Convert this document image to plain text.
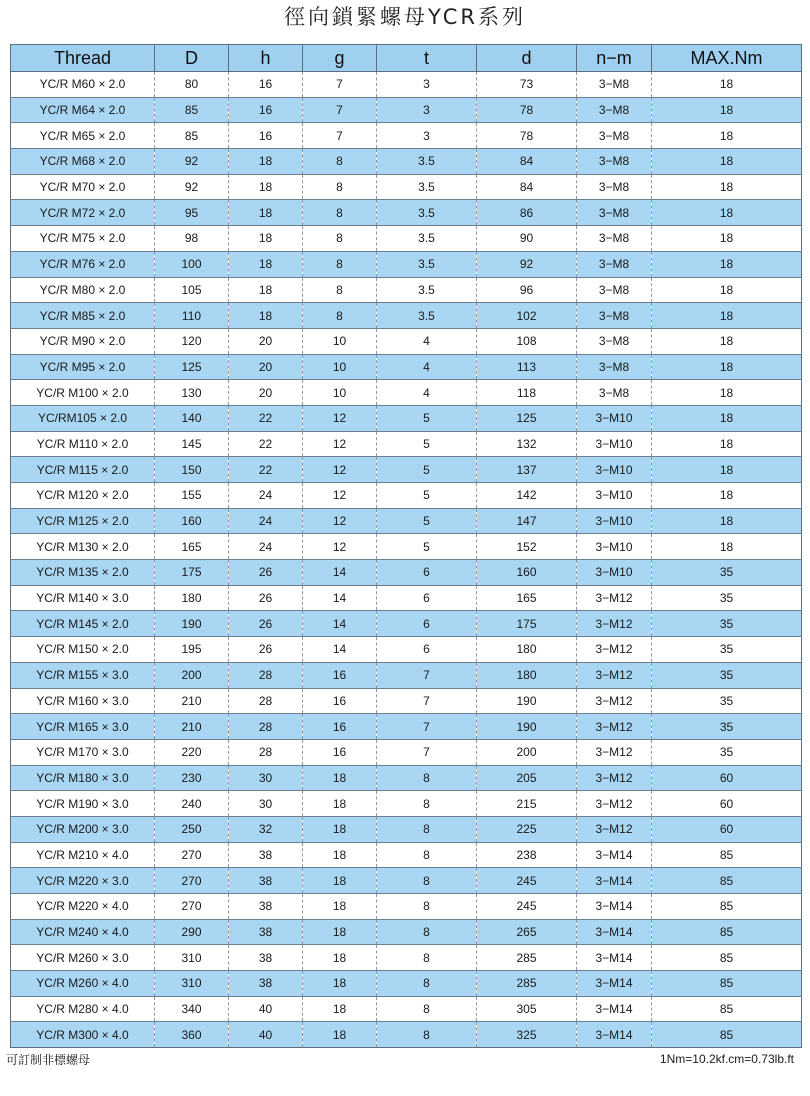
徑向鎖緊螺母YCR系列
Thread	D	h	g	t	d	n−m	MAX.Nm
YC/R M60 × 2.0	80	16	7	3	73	3−M8	18
YC/R M64 × 2.0	85	16	7	3	78	3−M8	18
YC/R M65 × 2.0	85	16	7	3	78	3−M8	18
YC/R M68 × 2.0	92	18	8	3.5	84	3−M8	18
YC/R M70 × 2.0	92	18	8	3.5	84	3−M8	18
YC/R M72 × 2.0	95	18	8	3.5	86	3−M8	18
YC/R M75 × 2.0	98	18	8	3.5	90	3−M8	18
YC/R M76 × 2.0	100	18	8	3.5	92	3−M8	18
YC/R M80 × 2.0	105	18	8	3.5	96	3−M8	18
YC/R M85 × 2.0	110	18	8	3.5	102	3−M8	18
YC/R M90 × 2.0	120	20	10	4	108	3−M8	18
YC/R M95 × 2.0	125	20	10	4	113	3−M8	18
YC/R M100 × 2.0	130	20	10	4	118	3−M8	18
YC/RM105 × 2.0	140	22	12	5	125	3−M10	18
YC/R M110 × 2.0	145	22	12	5	132	3−M10	18
YC/R M115 × 2.0	150	22	12	5	137	3−M10	18
YC/R M120 × 2.0	155	24	12	5	142	3−M10	18
YC/R M125 × 2.0	160	24	12	5	147	3−M10	18
YC/R M130 × 2.0	165	24	12	5	152	3−M10	18
YC/R M135 × 2.0	175	26	14	6	160	3−M10	35
YC/R M140 × 3.0	180	26	14	6	165	3−M12	35
YC/R M145 × 2.0	190	26	14	6	175	3−M12	35
YC/R M150 × 2.0	195	26	14	6	180	3−M12	35
YC/R M155 × 3.0	200	28	16	7	180	3−M12	35
YC/R M160 × 3.0	210	28	16	7	190	3−M12	35
YC/R M165 × 3.0	210	28	16	7	190	3−M12	35
YC/R M170 × 3.0	220	28	16	7	200	3−M12	35
YC/R M180 × 3.0	230	30	18	8	205	3−M12	60
YC/R M190 × 3.0	240	30	18	8	215	3−M12	60
YC/R M200 × 3.0	250	32	18	8	225	3−M12	60
YC/R M210 × 4.0	270	38	18	8	238	3−M14	85
YC/R M220 × 3.0	270	38	18	8	245	3−M14	85
YC/R M220 × 4.0	270	38	18	8	245	3−M14	85
YC/R M240 × 4.0	290	38	18	8	265	3−M14	85
YC/R M260 × 3.0	310	38	18	8	285	3−M14	85
YC/R M260 × 4.0	310	38	18	8	285	3−M14	85
YC/R M280 × 4.0	340	40	18	8	305	3−M14	85
YC/R M300 × 4.0	360	40	18	8	325	3−M14	85
可訂制非標螺母	1Nm=10.2kf.cm=0.73lb.ft
